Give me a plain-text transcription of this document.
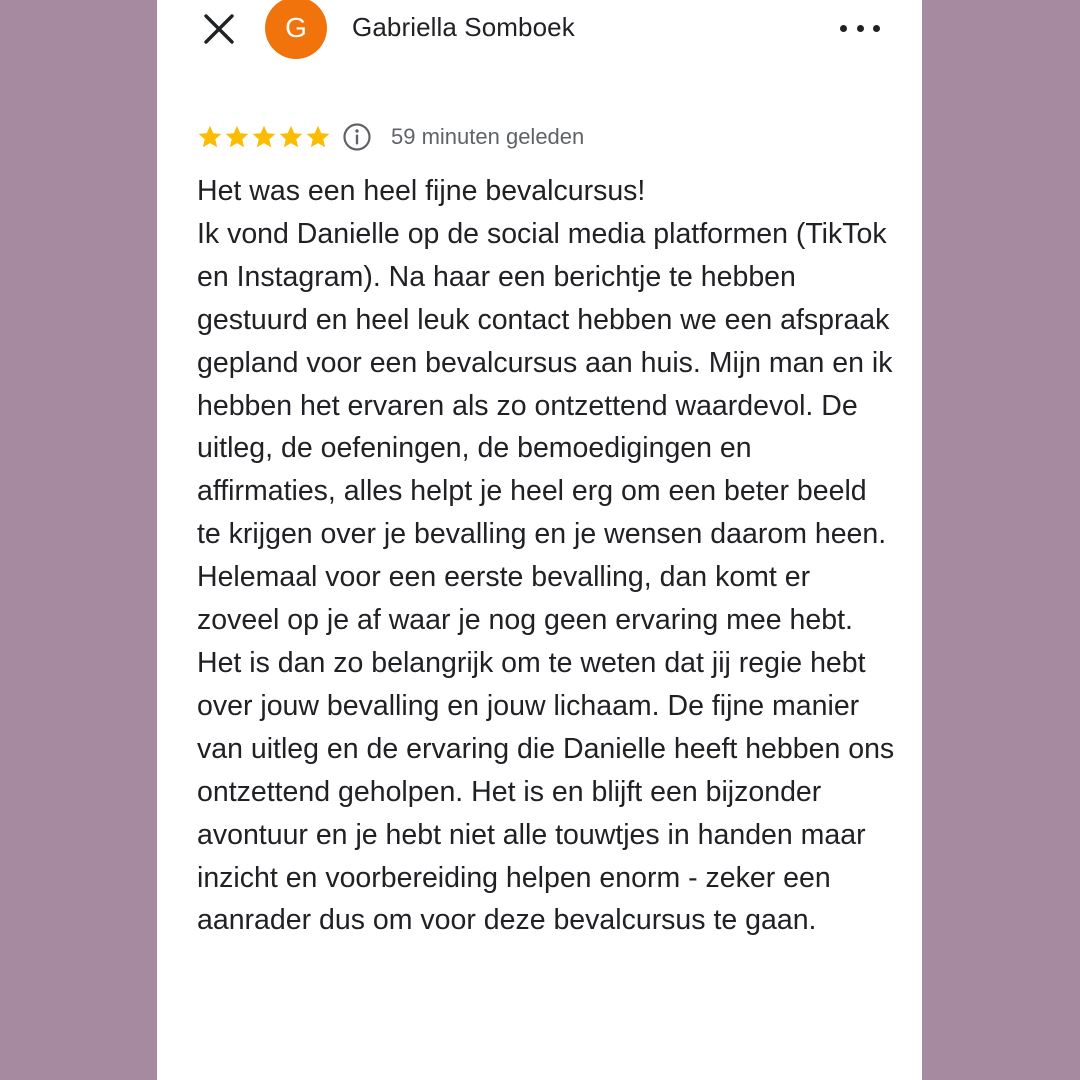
G	Gabriella Somboek
59 minuten geleden
Het was een heel fijne bevalcursus!
Ik vond Danielle op de social media platformen (TikTok en Instagram). Na haar een berichtje te hebben gestuurd en heel leuk contact hebben we een afspraak gepland voor een bevalcursus aan huis. Mijn man en ik hebben het ervaren als zo ontzettend waardevol. De uitleg, de oefeningen, de bemoedigingen en affirmaties, alles helpt je heel erg om een beter beeld te krijgen over je bevalling en je wensen daarom heen. Helemaal voor een eerste bevalling, dan komt er zoveel op je af waar je nog geen ervaring mee hebt. Het is dan zo belangrijk om te weten dat jij regie hebt over jouw bevalling en jouw lichaam. De fijne manier van uitleg en de ervaring die Danielle heeft hebben ons ontzettend geholpen. Het is en blijft een bijzonder avontuur en je hebt niet alle touwtjes in handen maar inzicht en voorbereiding helpen enorm - zeker een aanrader dus om voor deze bevalcursus te gaan.
